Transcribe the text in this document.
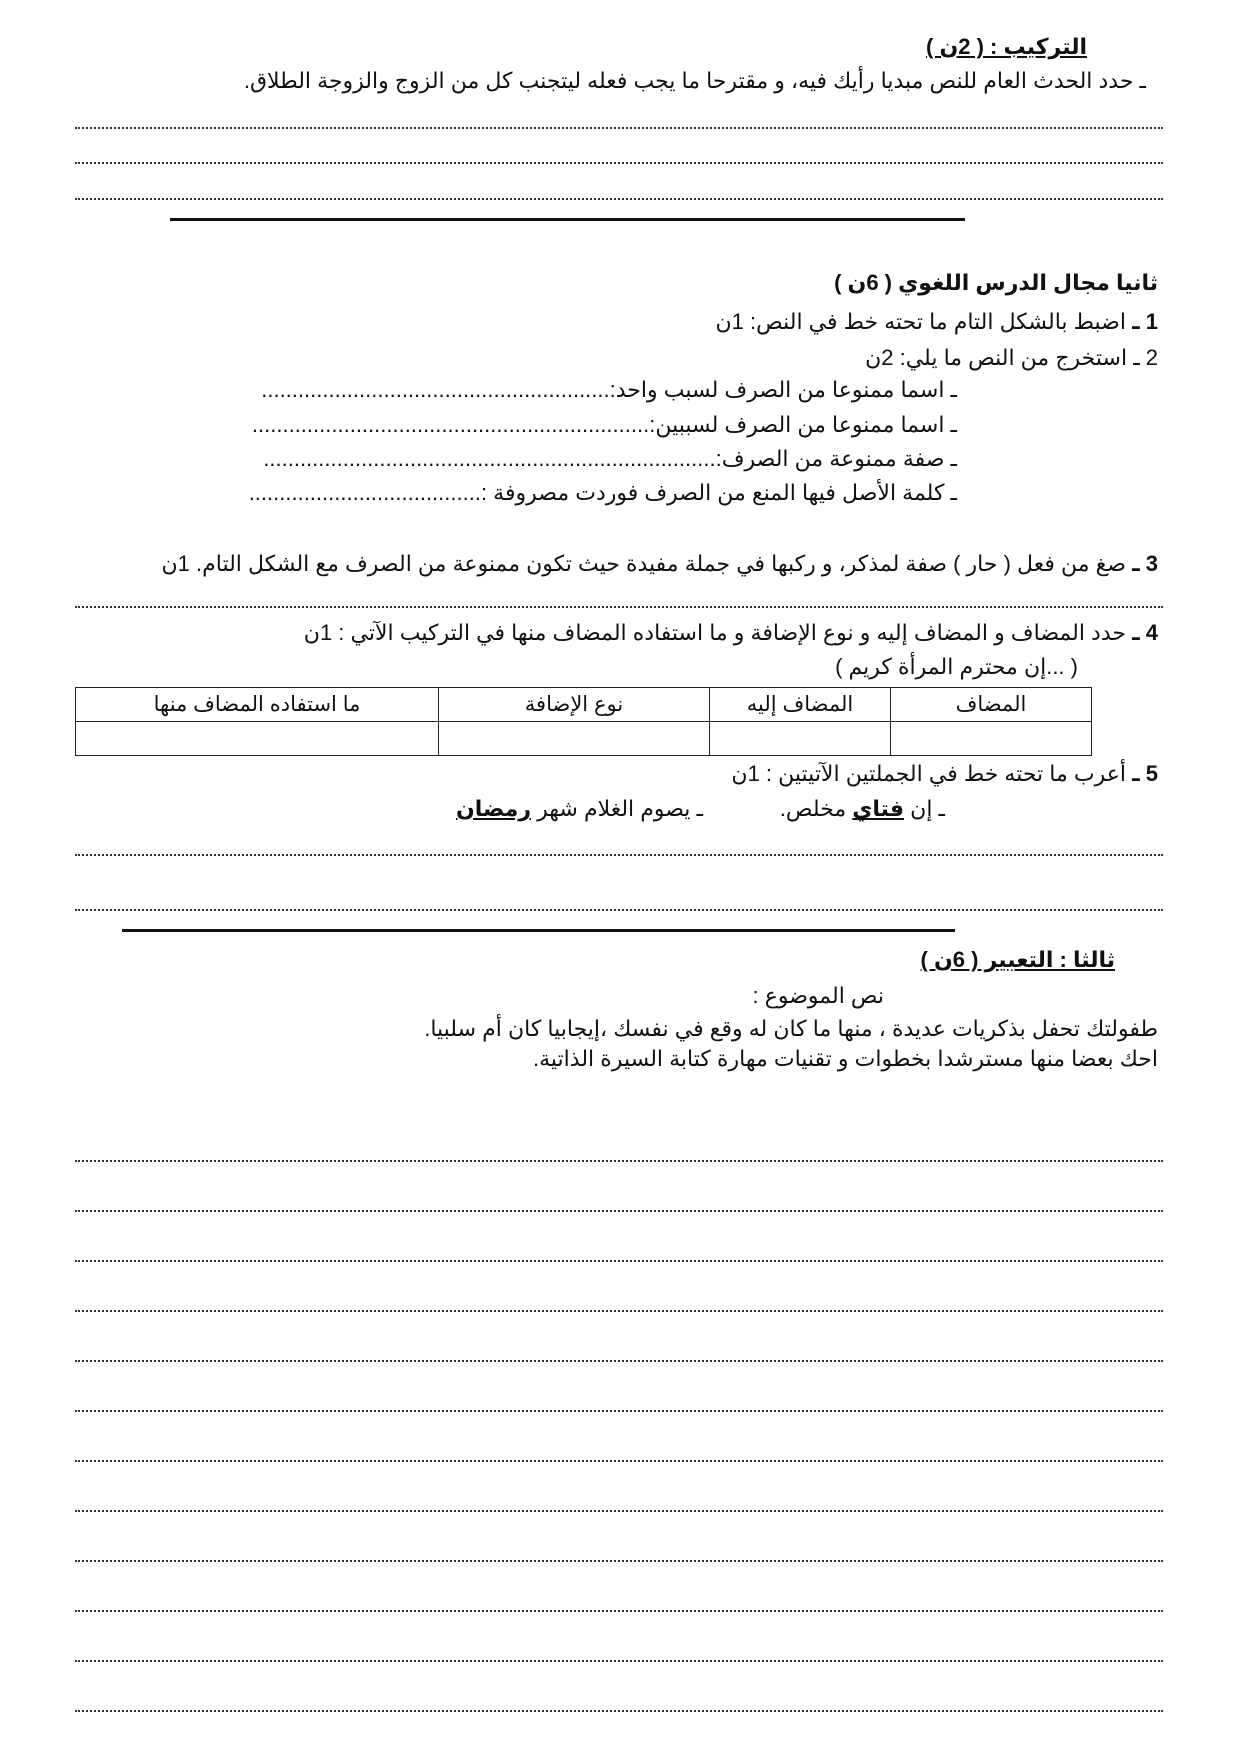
التركيب : ( 2ن )
ـ حدد الحدث العام للنص مبديا رأيك فيه، و مقترحا ما يجب فعله ليتجنب كل من الزوج والزوجة الطلاق.
ثانيا مجال الدرس اللغوي ( 6ن )
1 ـ اضبط بالشكل التام ما تحته خط في النص: 1ن
2 ـ استخرج من النص ما يلي: 2ن
ـ اسما ممنوعا من الصرف لسبب واحد:.........................................................
ـ اسما ممنوعا من الصرف لسببين:.................................................................
ـ صفة ممنوعة من الصرف:..........................................................................
ـ كلمة الأصل فيها المنع من الصرف فوردت مصروفة :......................................
3 ـ صغ من فعل ( حار ) صفة لمذكر، و ركبها في جملة مفيدة حيث تكون ممنوعة من الصرف مع الشكل التام. 1ن
4 ـ حدد المضاف و المضاف إليه و نوع الإضافة و ما استفاده المضاف منها في التركيب الآتي : 1ن
( ...إن محترم المرأة كريم )
المضاف	المضاف إليه	نوع الإضافة	ما استفاده المضاف منها

5 ـ أعرب ما تحته خط في الجملتين الآتيتين : 1ن
ـ إن فتاي مخلص.
ـ يصوم الغلام شهر رمضان
ثالثا : التعبير ( 6ن )
نص الموضوع :
طفولتك تحفل بذكريات عديدة ، منها ما كان له وقع في نفسك ،إيجابيا كان أم سلبيا.
احك بعضا منها مسترشدا بخطوات و تقنيات مهارة كتابة السيرة الذاتية.
